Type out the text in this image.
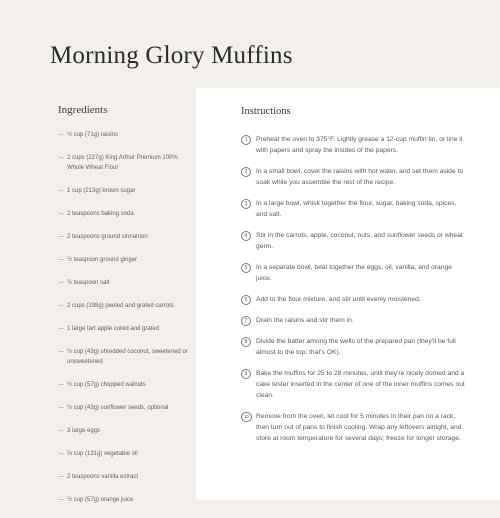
Morning Glory Muffins
Ingredients
— ½ cup (71g) raisins
— 2 cups (227g) King Arthur Premium 100% Whole Wheat Flour
— 1 cup (213g) brown sugar
— 2 teaspoons baking soda
— 2 teaspoons ground cinnamon
— ½ teaspoon ground ginger
— ½ teaspoon salt
— 2 cups (198g) peeled and grated carrots
— 1 large tart apple cored and grated
— ½ cup (43g) shredded coconut, sweetened or unsweetened
— ½ cup (57g) chopped walnuts
— ½ cup (43g) sunflower seeds, optional
— 3 large eggs
— ⅔ cup (131g) vegetable oil
— 2 teaspoons vanilla extract
— ½ cup (57g) orange juice
Instructions
1	Preheat the oven to 375°F. Lightly grease a 12-cup muffin tin, or line it with papers and spray the insides of the papers.
2	In a small bowl, cover the raisins with hot water, and set them aside to soak while you assemble the rest of the recipe.
3	In a large bowl, whisk together the flour, sugar, baking soda, spices, and salt.
4	Stir in the carrots, apple, coconut, nuts, and sunflower seeds or wheat germ.
5	In a separate bowl, beat together the eggs, oil, vanilla, and orange juice.
6	Add to the flour mixture, and stir until evenly moistened.
7	Drain the raisins and stir them in.
8	Divide the batter among the wells of the prepared pan (they'll be full almost to the top; that's OK).
9	Bake the muffins for 25 to 28 minutes, until they're nicely domed and a cake tester inserted in the center of one of the inner muffins comes out clean.
10	Remove from the oven, let cool for 5 minutes in their pan on a rack, then turn out of pans to finish cooling. Wrap any leftovers airtight, and store at room temperature for several days; freeze for longer storage.
